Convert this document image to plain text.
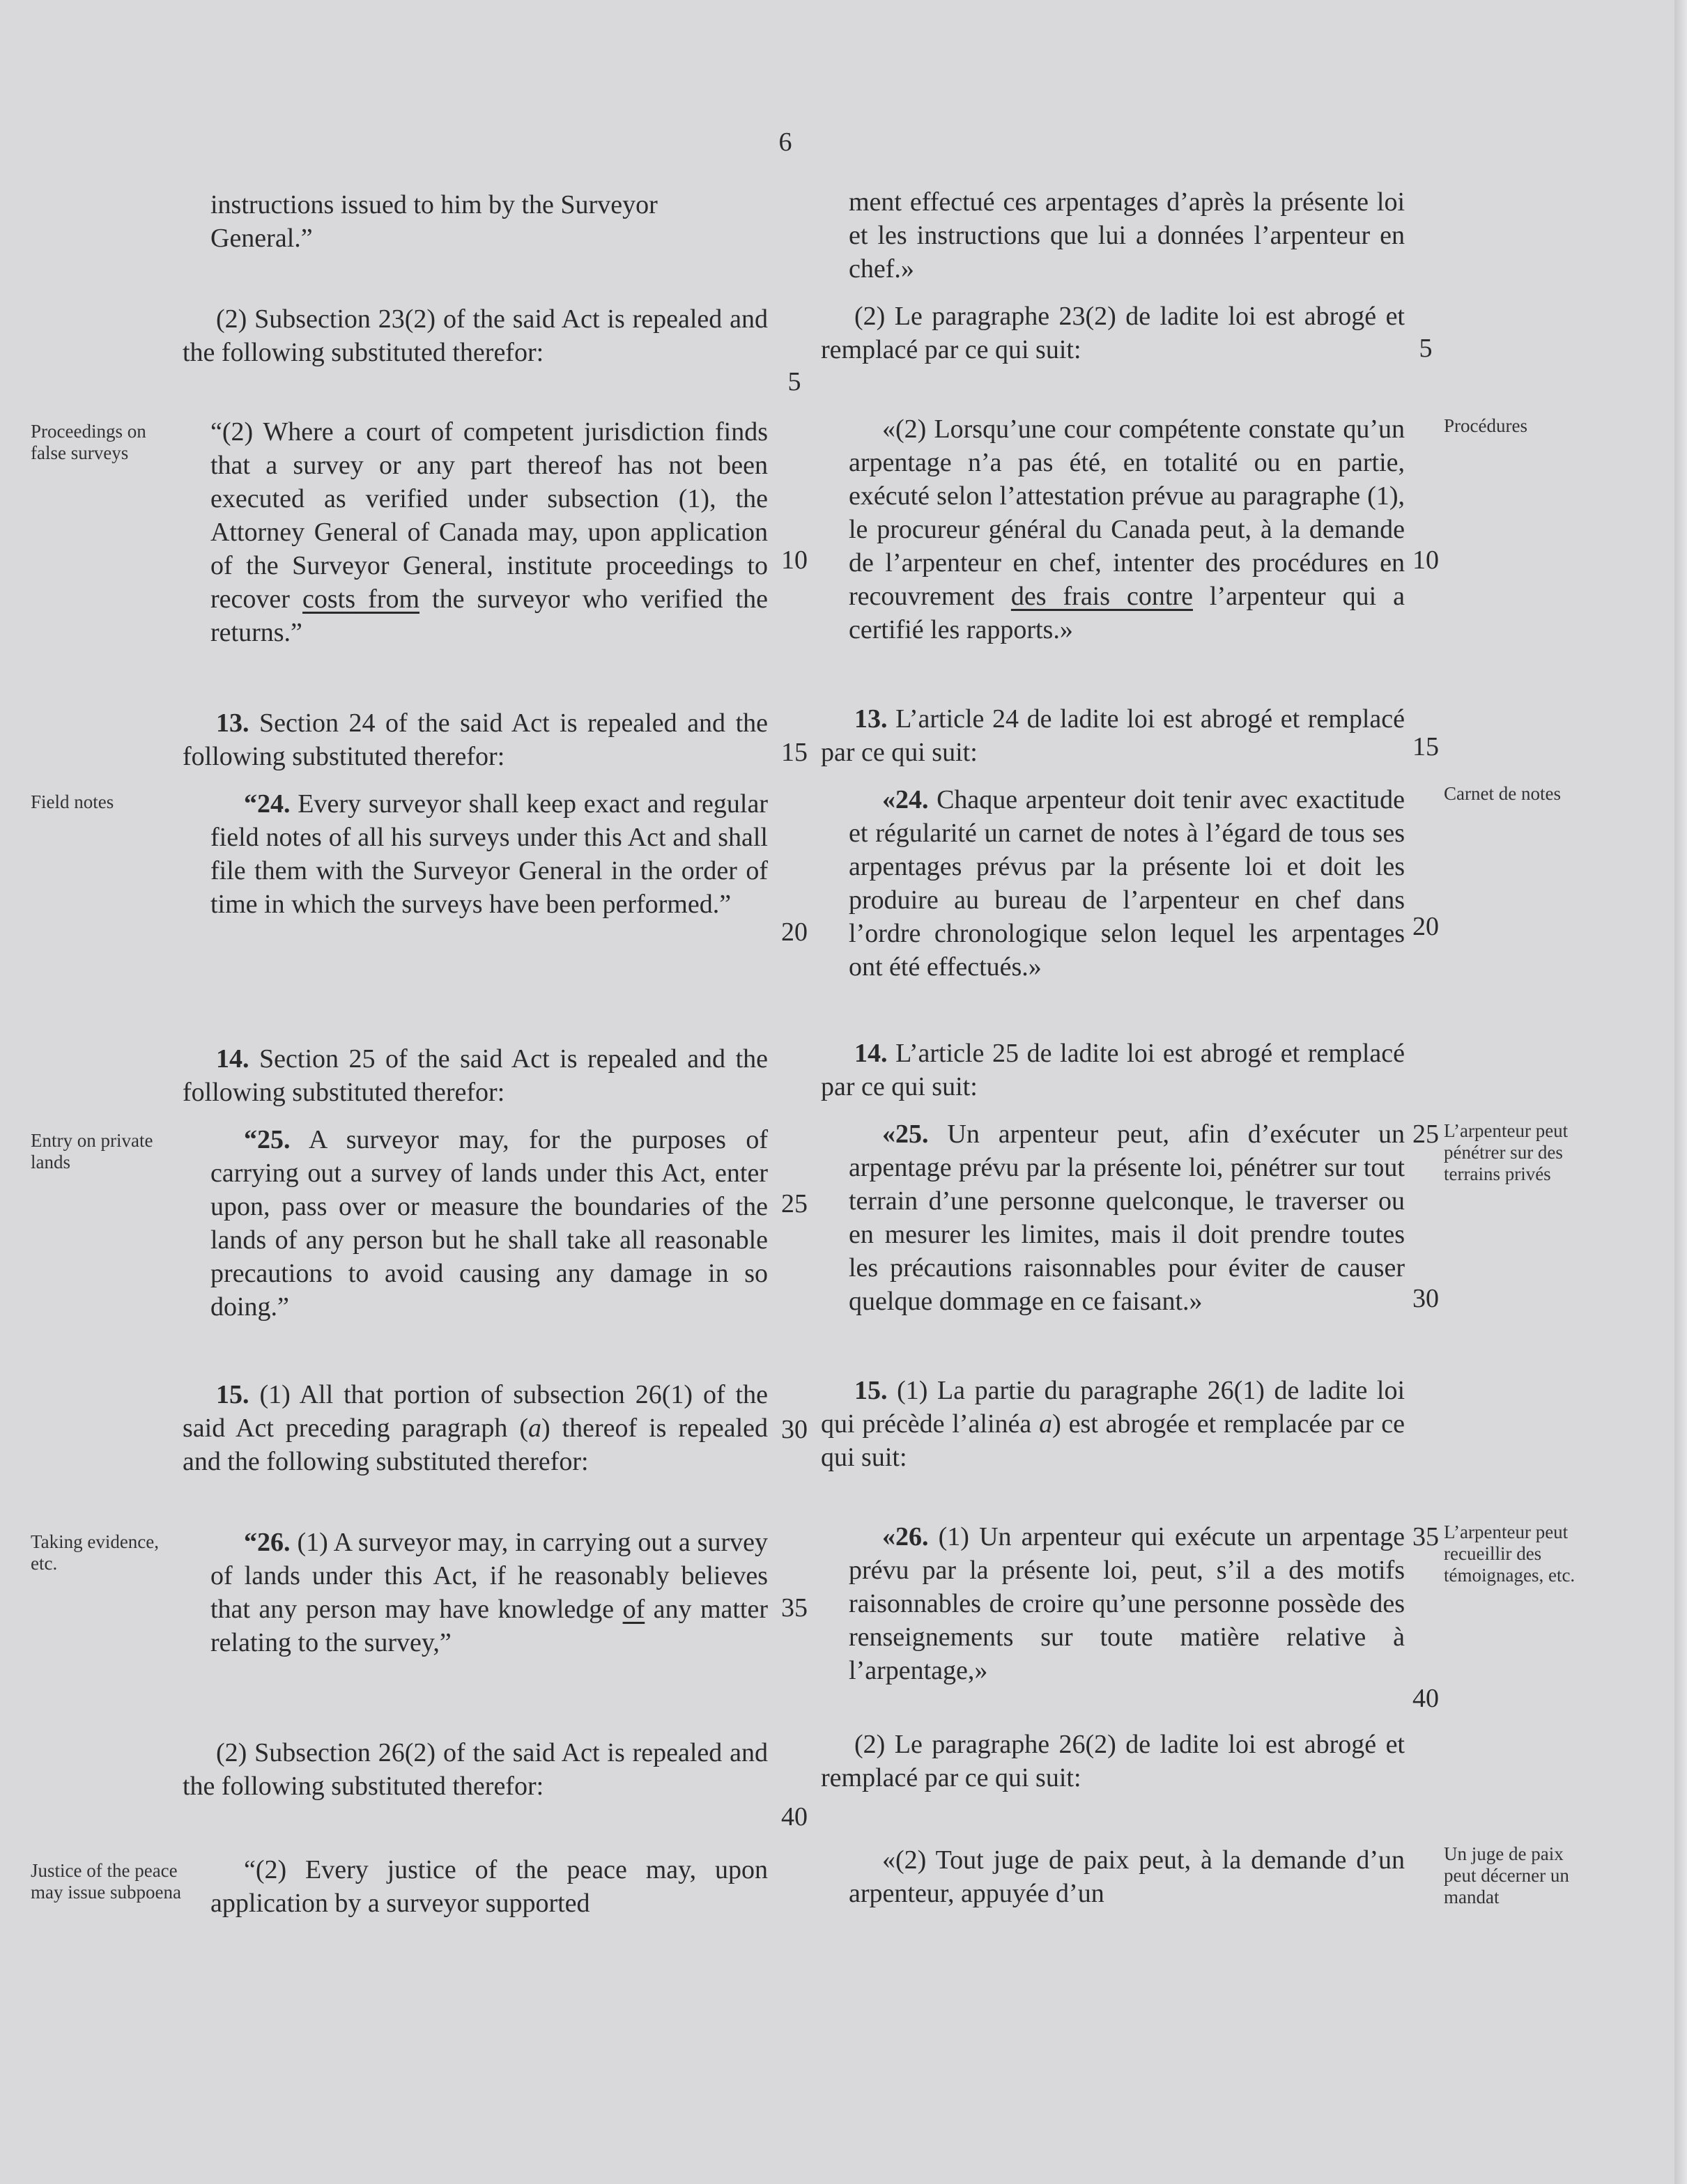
6
Proceedings on false surveys
Field notes
Entry on private lands
Taking evidence, etc.
Justice of the peace may issue subpoena
Procédures
Carnet de notes
L’arpenteur peut pénétrer sur des terrains privés
L’arpenteur peut recueillir des témoignages, etc.
Un juge de paix peut décerner un mandat
5
10
15
20
25
30
35
40
5
10
15
20
25
30
35
40

instructions issued to him by the Surveyor

General.”

(2) Subsection 23(2) of the said Act is repealed and the following substituted therefor:

“(2) Where a court of competent jurisdiction finds that a survey or any part thereof has not been executed as verified under subsection (1), the Attorney General of Canada may, upon application of the Surveyor General, institute proceedings to recover costs from the surveyor who verified the returns.”

13. Section 24 of the said Act is repealed and the following substituted therefor:

“24. Every surveyor shall keep exact and regular field notes of all his surveys under this Act and shall file them with the Surveyor General in the order of time in which the surveys have been performed.”

14. Section 25 of the said Act is repealed and the following substituted therefor:

“25. A surveyor may, for the purposes of carrying out a survey of lands under this Act, enter upon, pass over or measure the boundaries of the lands of any person but he shall take all reasonable precautions to avoid causing any damage in so doing.”

15. (1) All that portion of subsection 26(1) of the said Act preceding paragraph (a) thereof is repealed and the following substituted therefor:

“26. (1) A surveyor may, in carrying out a survey of lands under this Act, if he reasonably believes that any person may have knowledge of any matter relating to the survey,”

(2) Subsection 26(2) of the said Act is repealed and the following substituted therefor:

“(2) Every justice of the peace may, upon application by a surveyor supported

ment effectué ces arpentages d’après la présente loi et les instructions que lui a données l’arpenteur en chef.»

(2) Le paragraphe 23(2) de ladite loi est abrogé et remplacé par ce qui suit:

«(2) Lorsqu’une cour compétente constate qu’un arpentage n’a pas été, en totalité ou en partie, exécuté selon l’attestation prévue au paragraphe (1), le procureur général du Canada peut, à la demande de l’arpenteur en chef, intenter des procédures en recouvrement des frais contre l’arpenteur qui a certifié les rapports.»

13. L’article 24 de ladite loi est abrogé et remplacé par ce qui suit:

«24. Chaque arpenteur doit tenir avec exactitude et régularité un carnet de notes à l’égard de tous ses arpentages prévus par la présente loi et doit les produire au bureau de l’arpenteur en chef dans l’ordre chronologique selon lequel les arpentages ont été effectués.»

14. L’article 25 de ladite loi est abrogé et remplacé par ce qui suit:

«25. Un arpenteur peut, afin d’exécuter un arpentage prévu par la présente loi, pénétrer sur tout terrain d’une personne quelconque, le traverser ou en mesurer les limites, mais il doit prendre toutes les précautions raisonnables pour éviter de causer quelque dommage en ce faisant.»

15. (1) La partie du paragraphe 26(1) de ladite loi qui précède l’alinéa a) est abrogée et remplacée par ce qui suit:

«26. (1) Un arpenteur qui exécute un arpentage prévu par la présente loi, peut, s’il a des motifs raisonnables de croire qu’une personne possède des renseignements sur toute matière relative à l’arpentage,»

(2) Le paragraphe 26(2) de ladite loi est abrogé et remplacé par ce qui suit:

«(2) Tout juge de paix peut, à la demande d’un arpenteur, appuyée d’un
